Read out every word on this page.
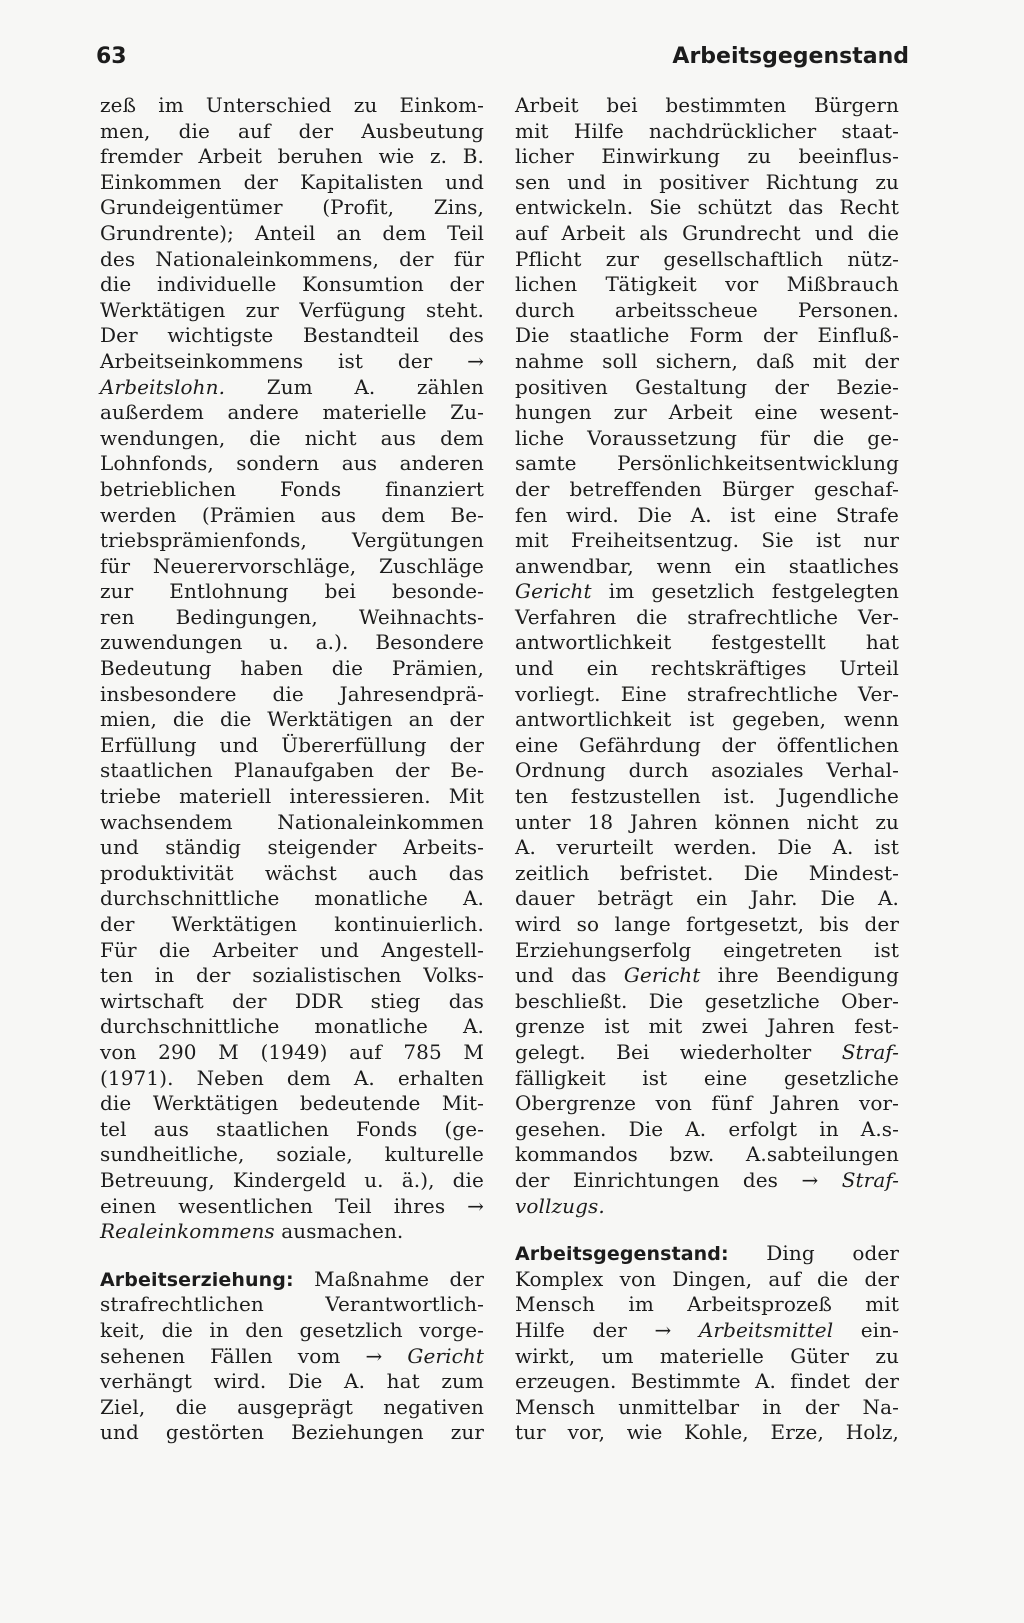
63	Arbeitsgegenstand
zeß im Unterschied zu Einkom-
men, die auf der Ausbeutung
fremder Arbeit beruhen wie z. B.
Einkommen der Kapitalisten und
Grundeigentümer (Profit, Zins,
Grundrente); Anteil an dem Teil
des Nationaleinkommens, der für
die individuelle Konsumtion der
Werktätigen zur Verfügung steht.
Der wichtigste Bestandteil des
Arbeitseinkommens ist der →
Arbeitslohn. Zum A. zählen
außerdem andere materielle Zu-
wendungen, die nicht aus dem
Lohnfonds, sondern aus anderen
betrieblichen Fonds finanziert
werden (Prämien aus dem Be-
triebsprämienfonds, Vergütungen
für Neuerervorschläge, Zuschläge
zur Entlohnung bei besonde-
ren Bedingungen, Weihnachts-
zuwendungen u. a.). Besondere
Bedeutung haben die Prämien,
insbesondere die Jahresendprä-
mien, die die Werktätigen an der
Erfüllung und Übererfüllung der
staatlichen Planaufgaben der Be-
triebe materiell interessieren. Mit
wachsendem Nationaleinkommen
und ständig steigender Arbeits-
produktivität wächst auch das
durchschnittliche monatliche A.
der Werktätigen kontinuierlich.
Für die Arbeiter und Angestell-
ten in der sozialistischen Volks-
wirtschaft der DDR stieg das
durchschnittliche monatliche A.
von 290 M (1949) auf 785 M
(1971). Neben dem A. erhalten
die Werktätigen bedeutende Mit-
tel aus staatlichen Fonds (ge-
sundheitliche, soziale, kulturelle
Betreuung, Kindergeld u. ä.), die
einen wesentlichen Teil ihres →
Realeinkommens ausmachen.
Arbeitserziehung: Maßnahme der
strafrechtlichen Verantwortlich-
keit, die in den gesetzlich vorge-
sehenen Fällen vom → Gericht
verhängt wird. Die A. hat zum
Ziel, die ausgeprägt negativen
und gestörten Beziehungen zur
Arbeit bei bestimmten Bürgern
mit Hilfe nachdrücklicher staat-
licher Einwirkung zu beeinflus-
sen und in positiver Richtung zu
entwickeln. Sie schützt das Recht
auf Arbeit als Grundrecht und die
Pflicht zur gesellschaftlich nütz-
lichen Tätigkeit vor Mißbrauch
durch arbeitsscheue Personen.
Die staatliche Form der Einfluß-
nahme soll sichern, daß mit der
positiven Gestaltung der Bezie-
hungen zur Arbeit eine wesent-
liche Voraussetzung für die ge-
samte Persönlichkeitsentwicklung
der betreffenden Bürger geschaf-
fen wird. Die A. ist eine Strafe
mit Freiheitsentzug. Sie ist nur
anwendbar, wenn ein staatliches
Gericht im gesetzlich festgelegten
Verfahren die strafrechtliche Ver-
antwortlichkeit festgestellt hat
und ein rechtskräftiges Urteil
vorliegt. Eine strafrechtliche Ver-
antwortlichkeit ist gegeben, wenn
eine Gefährdung der öffentlichen
Ordnung durch asoziales Verhal-
ten festzustellen ist. Jugendliche
unter 18 Jahren können nicht zu
A. verurteilt werden. Die A. ist
zeitlich befristet. Die Mindest-
dauer beträgt ein Jahr. Die A.
wird so lange fortgesetzt, bis der
Erziehungserfolg eingetreten ist
und das Gericht ihre Beendigung
beschließt. Die gesetzliche Ober-
grenze ist mit zwei Jahren fest-
gelegt. Bei wiederholter Straf-
fälligkeit ist eine gesetzliche
Obergrenze von fünf Jahren vor-
gesehen. Die A. erfolgt in A.s-
kommandos bzw. A.sabteilungen
der Einrichtungen des → Straf-
vollzugs.
Arbeitsgegenstand: Ding oder
Komplex von Dingen, auf die der
Mensch im Arbeitsprozeß mit
Hilfe der → Arbeitsmittel ein-
wirkt, um materielle Güter zu
erzeugen. Bestimmte A. findet der
Mensch unmittelbar in der Na-
tur vor, wie Kohle, Erze, Holz,
